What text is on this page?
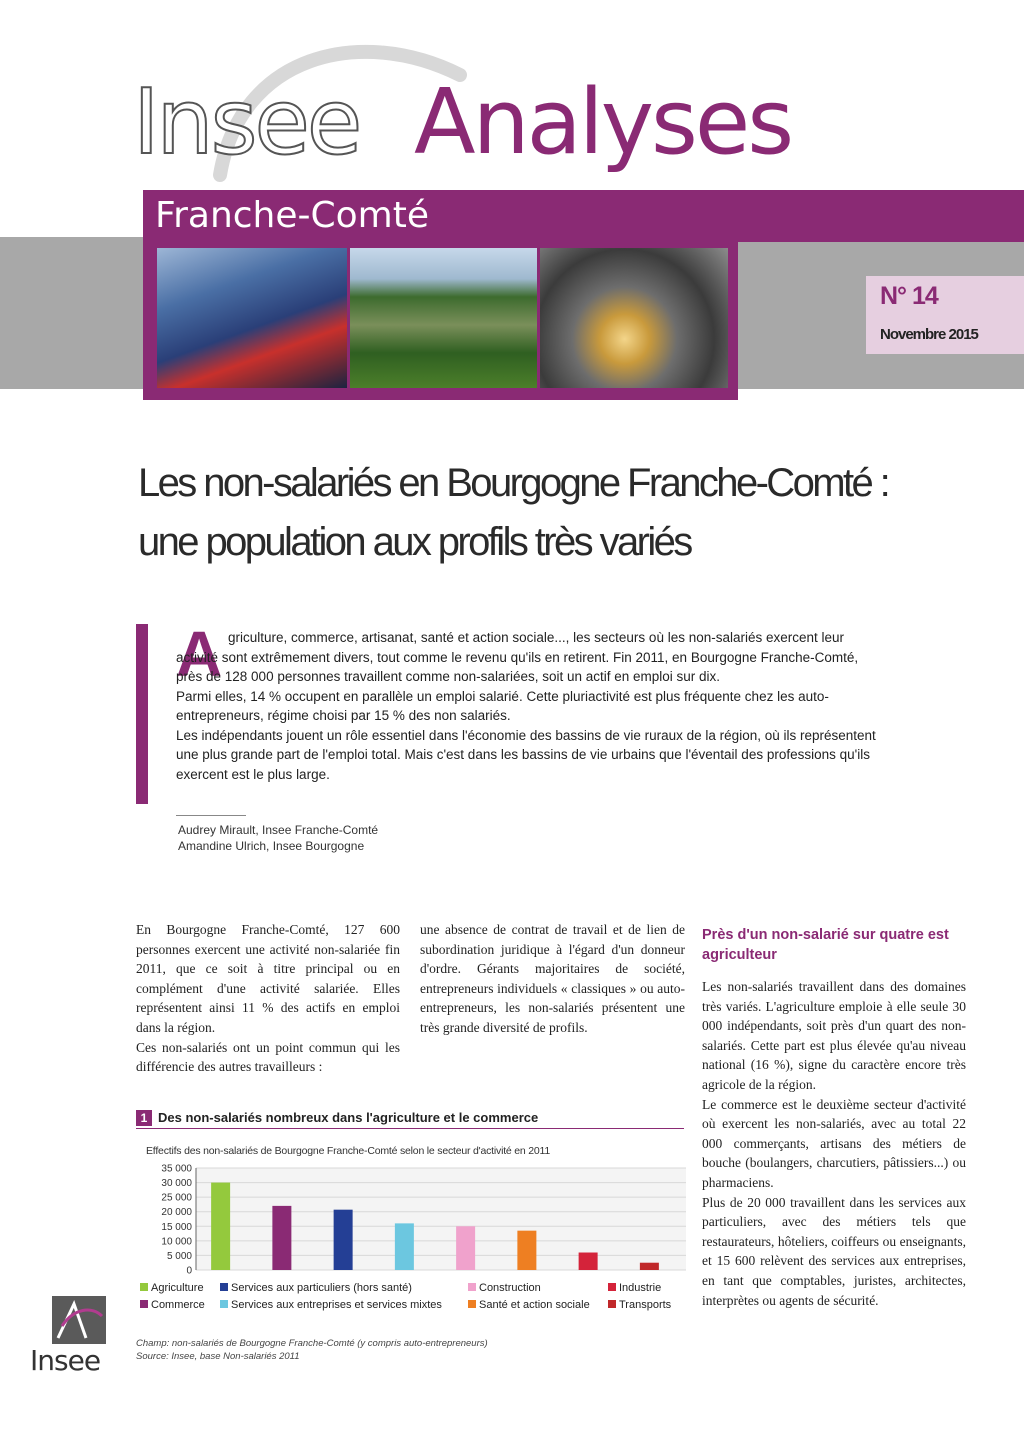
Insee Analyses
Franche-Comté
N° 14
Novembre 2015
Les non-salariés en Bourgogne Franche-Comté :
une population aux profils très variés
A griculture, commerce, artisanat, santé et action sociale..., les secteurs où les non-salariés exercent leur activité sont extrêmement divers, tout comme le revenu qu'ils en retirent. Fin 2011, en Bourgogne Franche-Comté, près de 128 000 personnes travaillent comme non-salariées, soit un actif en emploi sur dix.

Parmi elles, 14 % occupent en parallèle un emploi salarié. Cette pluriactivité est plus fréquente chez les auto-entrepreneurs, régime choisi par 15 % des non salariés.

Les indépendants jouent un rôle essentiel dans l'économie des bassins de vie ruraux de la région, où ils représentent une plus grande part de l'emploi total. Mais c'est dans les bassins de vie urbains que l'éventail des professions qu'ils exercent est le plus large.

Audrey Mirault, Insee Franche-Comté
Amandine Ulrich, Insee Bourgogne

En Bourgogne Franche-Comté, 127 600 personnes exercent une activité non-salariée fin 2011, que ce soit à titre principal ou en complément d'une activité salariée. Elles représentent ainsi 11 % des actifs en emploi dans la région.

Ces non-salariés ont un point commun qui les différencie des autres travailleurs :

une absence de contrat de travail et de lien de subordination juridique à l'égard d'un donneur d'ordre. Gérants majoritaires de société, entrepreneurs individuels « classiques » ou auto-entrepreneurs, les non-salariés présentent une très grande diversité de profils.

Près d'un non-salarié sur quatre est agriculteur

Les non-salariés travaillent dans des domaines très variés. L'agriculture emploie à elle seule 30 000 indépendants, soit près d'un quart des non-salariés. Cette part est plus élevée qu'au niveau national (16 %), signe du caractère encore très agricole de la région.

Le commerce est le deuxième secteur d'activité où exercent les non-salariés, avec au total 22 000 commerçants, artisans des métiers de bouche (boulangers, charcutiers, pâtissiers...) ou pharmaciens.

Plus de 20 000 travaillent dans les services aux particuliers, avec des métiers tels que restaurateurs, hôteliers, coiffeurs ou enseignants, et 15 600 relèvent des services aux entreprises, en tant que comptables, juristes, architectes, interprètes ou agents de sécurité.

1 Des non-salariés nombreux dans l'agriculture et le commerce
Effectifs des non-salariés de Bourgogne Franche-Comté selon le secteur d'activité en 2011
35 000
30 000
25 000
20 000
15 000
10 000
5 000
0
Agriculture	Services aux particuliers (hors santé)	Construction	Industrie
Commerce	Services aux entreprises et services mixtes	Santé et action sociale	Transports
Champ: non-salariés de Bourgogne Franche-Comté (y compris auto-entrepreneurs)
Source: Insee, base Non-salariés 2011
Insee
